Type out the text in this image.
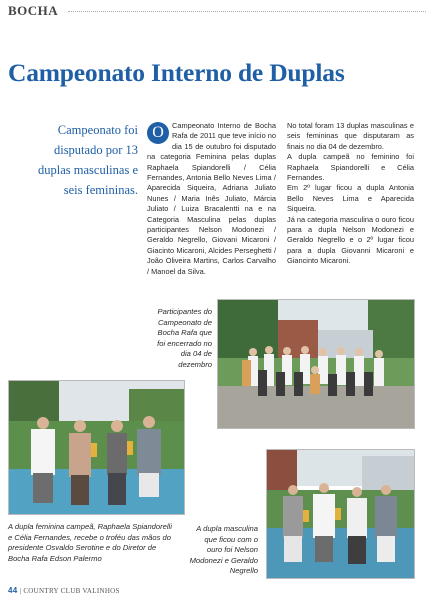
BOCHA
Campeonato Interno de Duplas
Campeonato foi disputado por 13 duplas masculinas e seis femininas.
O	Campeonato Interno de Bocha Rafa de 2011 que teve início no dia 15 de outubro foi disputado na categoria Feminina pelas duplas Raphaela Spiandorelli / Célia Fernandes, Antonia Bello Neves Lima / Aparecida Siqueira, Adriana Juliato Nunes / Maria Inês Juliato, Márcia Juliato / Luiza Bracalentti na e na Categoria Masculina pelas duplas participantes Nelson Modonezi / Geraldo Negrello, Giovani Micaroni / Giacinto Micaroni, Alcides Perseghetti / João Oliveira Martins, Carlos Carvalho / Manoel da Silva.

No total foram 13 duplas masculinas e seis femininas que disputaram as finais no dia 04 de dezembro.

A dupla campeã no feminino foi Raphaela Spiandorelli e Célia Fernandes.

Em 2º lugar ficou a dupla Antonia Bello Neves Lima e Aparecida Siqueira.

Já na categoria masculina o ouro ficou para a dupla Nelson Modonezi e Geraldo Negrello e o 2º lugar ficou para a dupla Giovanni Micaroni e Giancinto Micaroni.

Participantes do Campeonato de Bocha Rafa que foi encerrado no dia 04 de dezembro
A dupla feminina campeã, Raphaela Spiandorelli e Célia Fernandes, recebe o troféu das mãos do presidente Osvaldo Serotine e do Diretor de Bocha Rafa Edson Palermo
A dupla masculina que ficou com o ouro foi Nelson Modonezi e Geraldo Negrello
44 | COUNTRY CLUB VALINHOS
